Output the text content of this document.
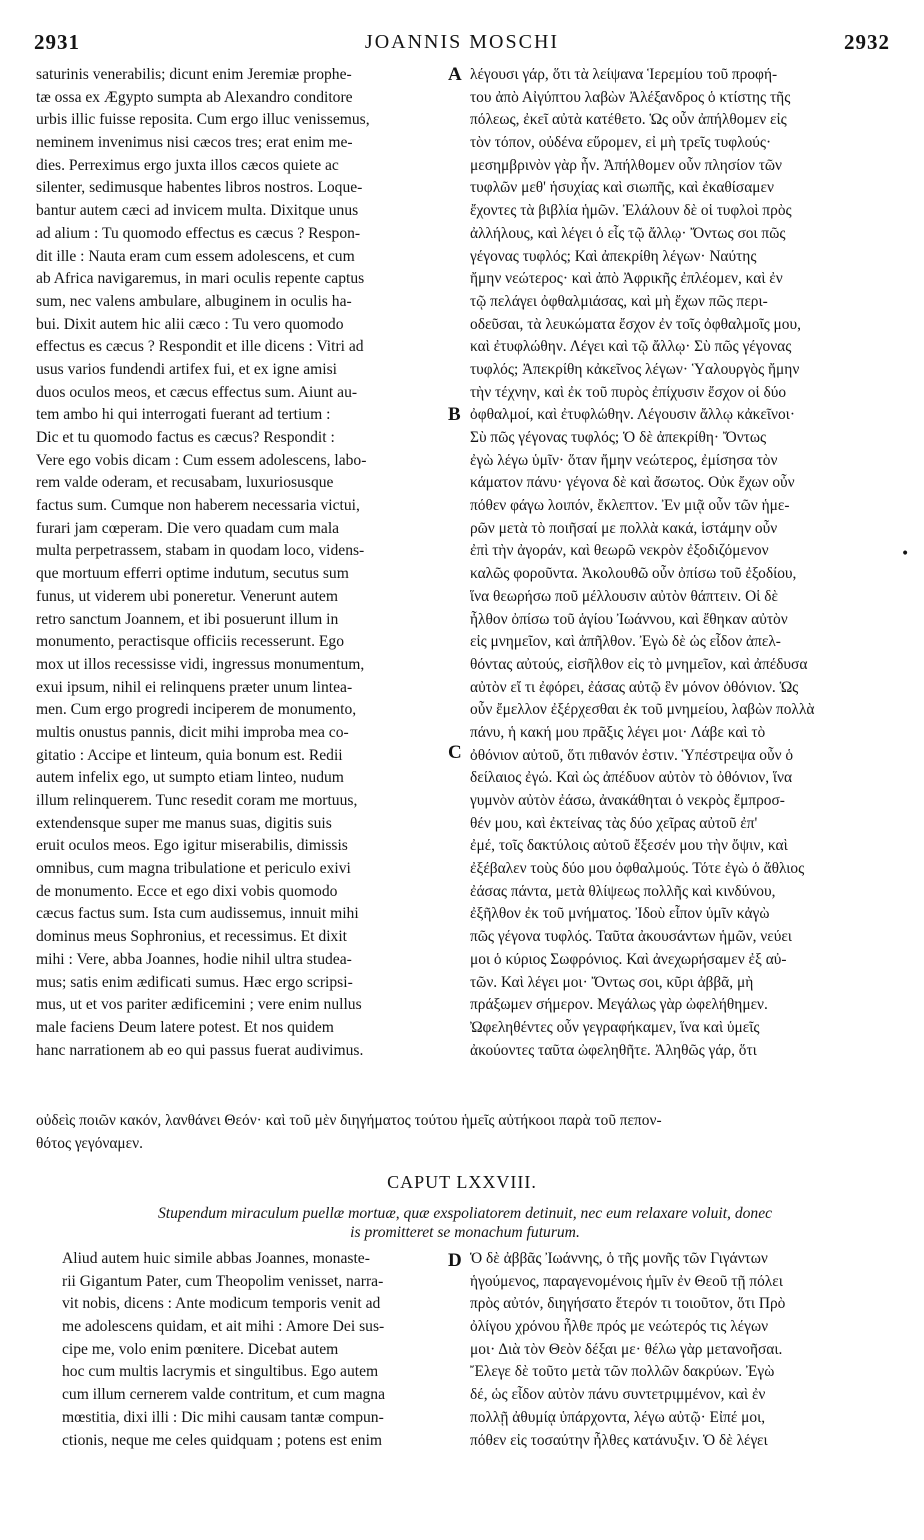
2931	JOANNIS MOSCHI	2932
saturinis venerabilis; dicunt enim Jeremiæ prophe-
tæ ossa ex Ægypto sumpta ab Alexandro conditore
urbis illic fuisse reposita. Cum ergo illuc venissemus,
neminem invenimus nisi cæcos tres; erat enim me-
dies. Perreximus ergo juxta illos cæcos quiete ac
silenter, sedimusque habentes libros nostros. Loque-
bantur autem cæci ad invicem multa. Dixitque unus
ad alium : Tu quomodo effectus es cæcus ? Respon-
dit ille : Nauta eram cum essem adolescens, et cum
ab Africa navigaremus, in mari oculis repente captus
sum, nec valens ambulare, albuginem in oculis ha-
bui. Dixit autem hic alii cæco : Tu vero quomodo
effectus es cæcus ? Respondit et ille dicens : Vitri ad
usus varios fundendi artifex fui, et ex igne amisi
duos oculos meos, et cæcus effectus sum. Aiunt au-
tem ambo hi qui interrogati fuerant ad tertium :
Dic et tu quomodo factus es cæcus? Respondit :
Vere ego vobis dicam : Cum essem adolescens, labo-
rem valde oderam, et recusabam, luxuriosusque
factus sum. Cumque non haberem necessaria victui,
furari jam cœperam. Die vero quadam cum mala
multa perpetrassem, stabam in quodam loco, videns-
que mortuum efferri optime indutum, secutus sum
funus, ut viderem ubi poneretur. Venerunt autem
retro sanctum Joannem, et ibi posuerunt illum in
monumento, peractisque officiis recesserunt. Ego
mox ut illos recessisse vidi, ingressus monumentum,
exui ipsum, nihil ei relinquens præter unum linteа-
men. Cum ergo progredi inciperem de monumento,
multis onustus pannis, dicit mihi improba mea co-
gitatio : Accipe et linteum, quia bonum est. Redii
autem infelix ego, ut sumpto etiam linteo, nudum
illum relinquerem. Tunc resedit coram me mortuus,
extendensque super me manus suas, digitis suis
eruit oculos meos. Ego igitur miserabilis, dimissis
omnibus, cum magna tribulatione et periculo exivi
de monumento. Ecce et ego dixi vobis quomodo
cæcus factus sum. Ista cum audissemus, innuit mihi
dominus meus Sophronius, et recessimus. Et dixit
mihi : Vere, abba Joannes, hodie nihil ultra studea-
mus; satis enim ædificati sumus. Hæc ergo scripsi-
mus, ut et vos pariter ædificemini ; vere enim nullus
male faciens Deum latere potest. Et nos quidem
hanc narrationem ab eo qui passus fuerat audivimus.
λέγουσι γάρ, ὅτι τὰ λείψανα Ἱερεμίου τοῦ προφή-
του ἀπὸ Αἰγύπτου λαβὼν Ἀλέξανδρος ὁ κτίστης τῆς
πόλεως, ἐκεῖ αὐτὰ κατέθετο. Ὡς οὖν ἀπήλθομεν εἰς
τὸν τόπον, οὐδένα εὕρομεν, εἰ μὴ τρεῖς τυφλούς·
μεσημβρινὸν γὰρ ἦν. Ἀπήλθομεν οὖν πλησίον τῶν
τυφλῶν μεθ' ἡσυχίας καὶ σιωπῆς, καὶ ἐκαθίσαμεν
ἔχοντες τὰ βιβλία ἡμῶν. Ἐλάλουν δὲ οἱ τυφλοὶ πρὸς
ἀλλήλους, καὶ λέγει ὁ εἷς τῷ ἄλλῳ· Ὄντως σοι πῶς
γέγονας τυφλός; Καὶ ἀπεκρίθη λέγων· Ναύτης
ἤμην νεώτερος· καὶ ἀπὸ Ἀφρικῆς ἐπλέομεν, καὶ ἐν
τῷ πελάγει ὀφθαλμιάσας, καὶ μὴ ἔχων πῶς περι-
οδεῦσαι, τὰ λευκώματα ἔσχον ἐν τοῖς ὀφθαλμοῖς μου,
καὶ ἐτυφλώθην. Λέγει καὶ τῷ ἄλλῳ· Σὺ πῶς γέγονας
τυφλός; Ἀπεκρίθη κἀκεῖνος λέγων· Ὑαλουργὸς ἤμην
τὴν τέχνην, καὶ ἐκ τοῦ πυρὸς ἐπίχυσιν ἔσχον οἱ δύο
ὀφθαλμοί, καὶ ἐτυφλώθην. Λέγουσιν ἄλλῳ κἀκεῖνοι·
Σὺ πῶς γέγονας τυφλός; Ὁ δὲ ἀπεκρίθη· Ὄντως
ἐγὼ λέγω ὑμῖν· ὅταν ἤμην νεώτερος, ἐμίσησα τὸν
κάματον πάνυ· γέγονα δὲ καὶ ἄσωτος. Οὐκ ἔχων οὖν
πόθεν φάγω λοιπόν, ἔκλεπτον. Ἐν μιᾷ οὖν τῶν ἡμε-
ρῶν μετὰ τὸ ποιῆσαί με πολλὰ κακά, ἱστάμην οὖν
ἐπὶ τὴν ἀγοράν, καὶ θεωρῶ νεκρὸν ἐξοδιζόμενον
καλῶς φοροῦντα. Ἀκολουθῶ οὖν ὀπίσω τοῦ ἐξοδίου,
ἵνα θεωρήσω ποῦ μέλλουσιν αὐτὸν θάπτειν. Οἱ δὲ
ἦλθον ὀπίσω τοῦ ἁγίου Ἰωάννου, καὶ ἔθηκαν αὐτὸν
εἰς μνημεῖον, καὶ ἀπῆλθον. Ἐγὼ δὲ ὡς εἶδον ἀπελ-
θόντας αὐτούς, εἰσῆλθον εἰς τὸ μνημεῖον, καὶ ἀπέδυσα
αὐτὸν εἴ τι ἐφόρει, ἐάσας αὐτῷ ἓν μόνον ὀθόνιον. Ὡς
οὖν ἔμελλον ἐξέρχεσθαι ἐκ τοῦ μνημείου, λαβὼν πολλὰ
πάνυ, ἡ κακή μου πρᾶξις λέγει μοι· Λάβε καὶ τὸ
ὀθόνιον αὐτοῦ, ὅτι πιθανόν ἐστιν. Ὑπέστρεψα οὖν ὁ
δείλαιος ἐγώ. Καὶ ὡς ἀπέδυον αὐτὸν τὸ ὀθόνιον, ἵνα
γυμνὸν αὐτὸν ἐάσω, ἀνακάθηται ὁ νεκρὸς ἔμπροσ-
θέν μου, καὶ ἐκτείνας τὰς δύο χεῖρας αὐτοῦ ἐπ'
ἐμέ, τοῖς δακτύλοις αὐτοῦ ἔξεσέν μου τὴν ὄψιν, καὶ
ἐξέβαλεν τοὺς δύο μου ὀφθαλμούς. Τότε ἐγὼ ὁ ἄθλιος
ἐάσας πάντα, μετὰ θλίψεως πολλῆς καὶ κινδύνου,
ἐξῆλθον ἐκ τοῦ μνήματος. Ἰδοὺ εἶπον ὑμῖν κἀγὼ
πῶς γέγονα τυφλός. Ταῦτα ἀκουσάντων ἡμῶν, νεύει
μοι ὁ κύριος Σωφρόνιος. Καὶ ἀνεχωρήσαμεν ἐξ αὐ-
τῶν. Καὶ λέγει μοι· Ὄντως σοι, κῦρι ἀββᾶ, μὴ
πράξωμεν σήμερον. Μεγάλως γὰρ ὠφελήθημεν.
Ὠφεληθέντες οὖν γεγραφήκαμεν, ἵνα καὶ ὑμεῖς
ἀκούοντες ταῦτα ὠφεληθῆτε. Ἀληθῶς γάρ, ὅτι
A
B
C
D
•
οὐδεὶς ποιῶν κακόν, λανθάνει Θεόν· καὶ τοῦ μὲν διηγήματος τούτου ἡμεῖς αὐτήκοοι παρὰ τοῦ πεπον-
θότος γεγόναμεν.
CAPUT LXXVIII.
Stupendum miraculum puellæ mortuæ, quæ exspoliatorem detinuit, nec eum relaxare voluit, donec
is promitteret se monachum futurum.
Aliud autem huic simile abbas Joannes, monaste-
rii Gigantum Pater, cum Theopolim venisset, narra-
vit nobis, dicens : Ante modicum temporis venit ad
me adolescens quidam, et ait mihi : Amore Dei sus-
cipe me, volo enim pœnitere. Dicebat autem
hoc cum multis lacrymis et singultibus. Ego autem
cum illum cernerem valde contritum, et cum magna
mœstitia, dixi illi : Dic mihi causam tantæ compun-
ctionis, neque me celes quidquam ; potens est enim
Ὁ δὲ ἀββᾶς Ἰωάννης, ὁ τῆς μονῆς τῶν Γιγάντων
ἡγούμενος, παραγενομένοις ἡμῖν ἐν Θεοῦ τῇ πόλει
πρὸς αὐτόν, διηγήσατο ἕτερόν τι τοιοῦτον, ὅτι Πρὸ
ὀλίγου χρόνου ἦλθε πρός με νεώτερός τις λέγων
μοι· Διὰ τὸν Θεὸν δέξαι με· θέλω γὰρ μετανοῆσαι.
Ἔλεγε δὲ τοῦτο μετὰ τῶν πολλῶν δακρύων. Ἐγὼ
δέ, ὡς εἶδον αὐτὸν πάνυ συντετριμμένον, καὶ ἐν
πολλῇ ἀθυμίᾳ ὑπάρχοντα, λέγω αὐτῷ· Εἰπέ μοι,
πόθεν εἰς τοσαύτην ἦλθες κατάνυξιν. Ὁ δὲ λέγει
